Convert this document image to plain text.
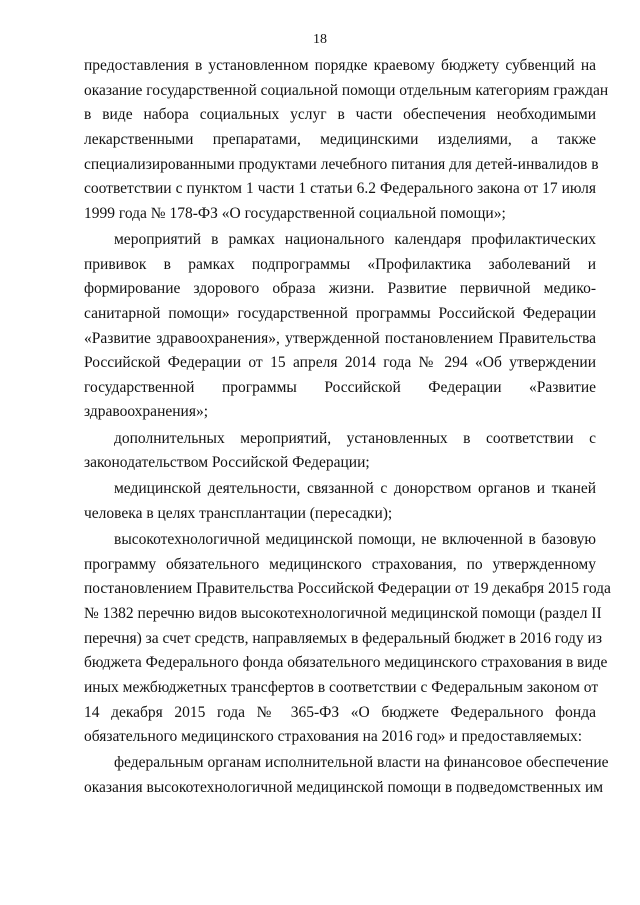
18
предоставления в установленном порядке краевому бюджету субвенций на
оказание государственной социальной помощи отдельным категориям граждан
в виде набора социальных услуг в части обеспечения необходимыми
лекарственными препаратами, медицинскими изделиями, а также
специализированными продуктами лечебного питания для детей-инвалидов в
соответствии с пунктом 1 части 1 статьи 6.2 Федерального закона от 17 июля
1999 года № 178-ФЗ «О государственной социальной помощи»;
мероприятий в рамках национального календаря профилактических
прививок в рамках подпрограммы «Профилактика заболеваний и
формирование здорового образа жизни. Развитие первичной медико-
санитарной помощи» государственной программы Российской Федерации
«Развитие здравоохранения», утвержденной постановлением Правительства
Российской Федерации от 15 апреля 2014 года № 294 «Об утверждении
государственной программы Российской Федерации «Развитие
здравоохранения»;
дополнительных мероприятий, установленных в соответствии с
законодательством Российской Федерации;
медицинской деятельности, связанной с донорством органов и тканей
человека в целях трансплантации (пересадки);
высокотехнологичной медицинской помощи, не включенной в базовую
программу обязательного медицинского страхования, по утвержденному
постановлением Правительства Российской Федерации от 19 декабря 2015 года
№ 1382 перечню видов высокотехнологичной медицинской помощи (раздел II
перечня) за счет средств, направляемых в федеральный бюджет в 2016 году из
бюджета Федерального фонда обязательного медицинского страхования в виде
иных межбюджетных трансфертов в соответствии с Федеральным законом от
14 декабря 2015 года № 365-ФЗ «О бюджете Федерального фонда
обязательного медицинского страхования на 2016 год» и предоставляемых:
федеральным органам исполнительной власти на финансовое обеспечение
оказания высокотехнологичной медицинской помощи в подведомственных им
